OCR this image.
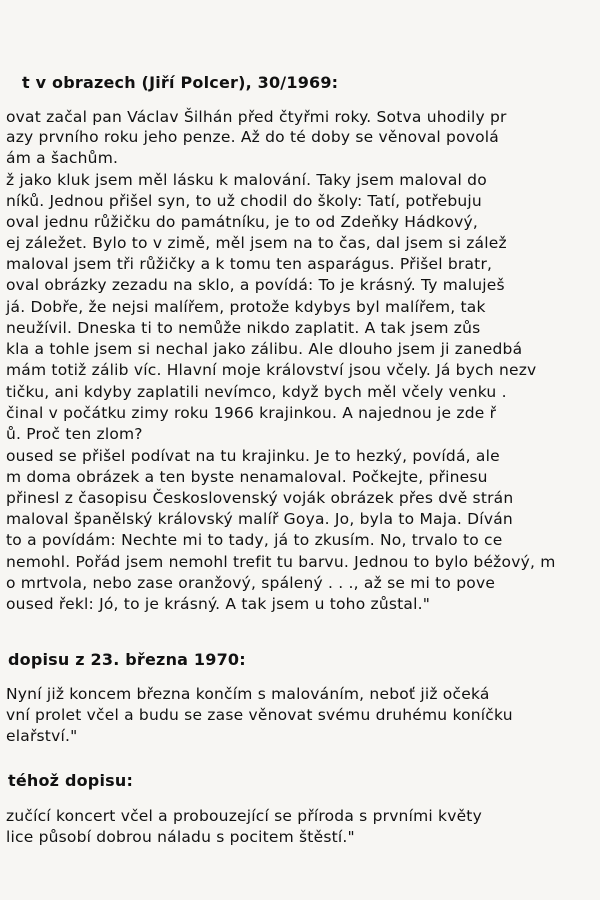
t v obrazech (Jiří Polcer), 30/1969:
ovat začal pan Václav Šilhán před čtyřmi roky. Sotva uhodily pr
azy prvního roku jeho penze. Až do té doby se věnoval povolá
ám a šachům.
ž jako kluk jsem měl lásku k malování. Taky jsem maloval do
níků. Jednou přišel syn, to už chodil do školy: Tatí, potřebuju
oval jednu růžičku do památníku, je to od Zdeňky Hádkový,
ej záležet. Bylo to v zimě, měl jsem na to čas, dal jsem si zálež
maloval jsem tři růžičky a k tomu ten asparágus. Přišel bratr,
oval obrázky zezadu na sklo, a povídá: To je krásný. Ty maluješ
já. Dobře, že nejsi malířem, protože kdybys byl malířem, tak
neužívil. Dneska ti to nemůže nikdo zaplatit. A tak jsem zůs
kla a tohle jsem si nechal jako zálibu. Ale dlouho jsem ji zanedbá
mám totiž zálib víc. Hlavní moje království jsou včely. Já bych nezv
tičku, ani kdyby zaplatili nevímco, když bych měl včely venku .
činal v počátku zimy roku 1966 krajinkou. A najednou je zde ř
ů. Proč ten zlom?
oused se přišel podívat na tu krajinku. Je to hezký, povídá, ale
m doma obrázek a ten byste nenamaloval. Počkejte, přinesu
přinesl z časopisu Československý voják obrázek přes dvě strán
maloval španělský královský malíř Goya. Jo, byla to Maja. Díván
to a povídám: Nechte mi to tady, já to zkusím. No, trvalo to ce
nemohl. Pořád jsem nemohl trefit tu barvu. Jednou to bylo béžový, m
o mrtvola, nebo zase oranžový, spálený . . ., až se mi to pove
oused řekl: Jó, to je krásný. A tak jsem u toho zůstal."
dopisu z 23. března 1970:
Nyní již koncem března končím s malováním, neboť již očeká
vní prolet včel a budu se zase věnovat svému druhému koníčku
elařství."
téhož dopisu:
zučící koncert včel a probouzející se příroda s prvními květy
lice působí dobrou náladu s pocitem štěstí."
